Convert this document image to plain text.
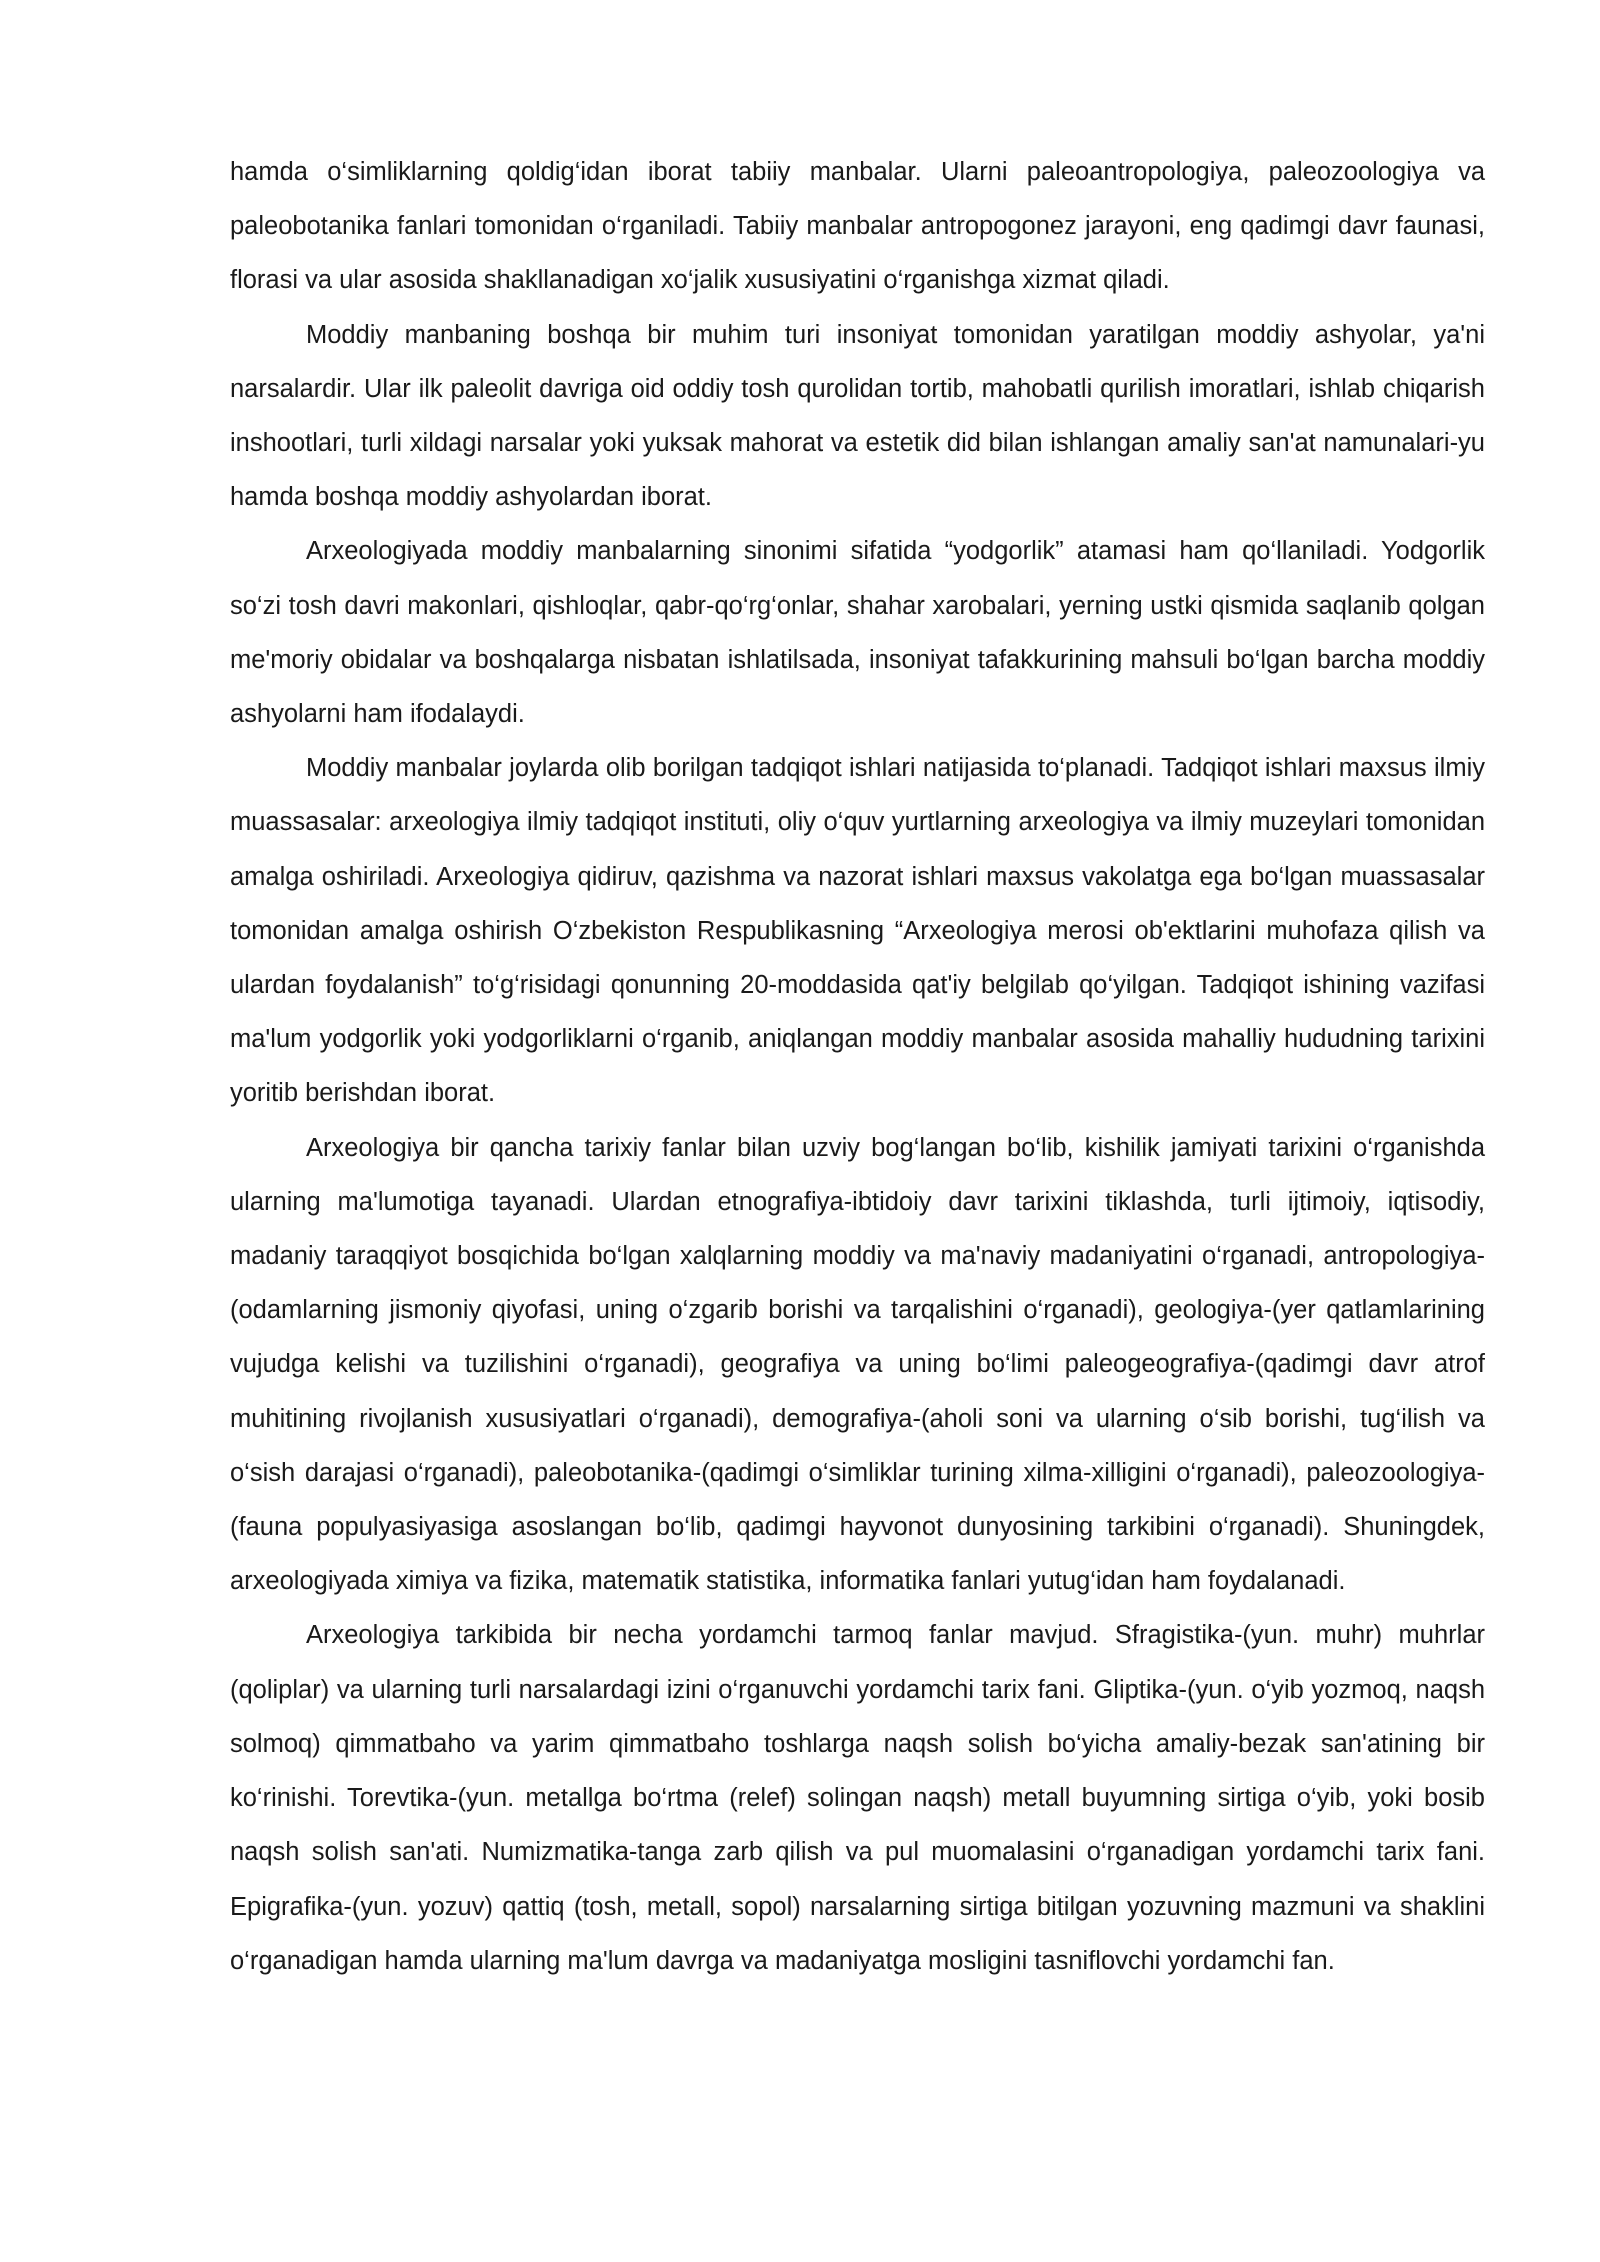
hamda o‘simliklarning qoldig‘idan iborat tabiiy manbalar. Ularni paleoantropologiya, paleozoologiya va paleobotanika fanlari tomonidan o‘rganiladi. Tabiiy manbalar antropogonez jarayoni, eng qadimgi davr faunasi, florasi va ular asosida shakllanadigan xo‘jalik xususiyatini o‘rganishga xizmat qiladi.

Moddiy manbaning boshqa bir muhim turi insoniyat tomonidan yaratilgan moddiy ashyolar, ya'ni narsalardir. Ular ilk paleolit davriga oid oddiy tosh qurolidan tortib, mahobatli qurilish imoratlari, ishlab chiqarish inshootlari, turli xildagi narsalar yoki yuksak mahorat va estetik did bilan ishlangan amaliy san'at namunalari-yu hamda boshqa moddiy ashyolardan iborat.

Arxeologiyada moddiy manbalarning sinonimi sifatida “yodgorlik” atamasi ham qo‘llaniladi. Yodgorlik so‘zi tosh davri makonlari, qishloqlar, qabr-qo‘rg‘onlar, shahar xarobalari, yerning ustki qismida saqlanib qolgan me'moriy obidalar va boshqalarga nisbatan ishlatilsada, insoniyat tafakkurining mahsuli bo‘lgan barcha moddiy ashyolarni ham ifodalaydi.

Moddiy manbalar joylarda olib borilgan tadqiqot ishlari natijasida to‘planadi. Tadqiqot ishlari maxsus ilmiy muassasalar: arxeologiya ilmiy tadqiqot instituti, oliy o‘quv yurtlarning arxeologiya va ilmiy muzeylari tomonidan amalga oshiriladi. Arxeologiya qidiruv, qazishma va nazorat ishlari maxsus vakolatga ega bo‘lgan muassasalar tomonidan amalga oshirish O‘zbekiston Respublikasning “Arxeologiya merosi ob'ektlarini muhofaza qilish va ulardan foydalanish” to‘g‘risidagi qonunning 20-moddasida qat'iy belgilab qo‘yilgan. Tadqiqot ishining vazifasi ma'lum yodgorlik yoki yodgorliklarni o‘rganib, aniqlangan moddiy manbalar asosida mahalliy hududning tarixini yoritib berishdan iborat.

Arxeologiya bir qancha tarixiy fanlar bilan uzviy bog‘langan bo‘lib, kishilik jamiyati tarixini o‘rganishda ularning ma'lumotiga tayanadi. Ulardan etnografiya-ibtidoiy davr tarixini tiklashda, turli ijtimoiy, iqtisodiy, madaniy taraqqiyot bosqichida bo‘lgan xalqlarning moddiy va ma'naviy madaniyatini o‘rganadi, antropologiya-(odamlarning jismoniy qiyofasi, uning o‘zgarib borishi va tarqalishini o‘rganadi), geologiya-(yer qatlamlarining vujudga kelishi va tuzilishini o‘rganadi), geografiya va uning bo‘limi paleogeografiya-(qadimgi davr atrof muhitining rivojlanish xususiyatlari o‘rganadi), demografiya-(aholi soni va ularning o‘sib borishi, tug‘ilish va o‘sish darajasi o‘rganadi), paleobotanika-(qadimgi o‘simliklar turining xilma-xilligini o‘rganadi), paleozoologiya-(fauna populyasiyasiga asoslangan bo‘lib, qadimgi hayvonot dunyosining tarkibini o‘rganadi). Shuningdek, arxeologiyada ximiya va fizika, matematik statistika, informatika fanlari yutug‘idan ham foydalanadi.

Arxeologiya tarkibida bir necha yordamchi tarmoq fanlar mavjud. Sfragistika-(yun. muhr) muhrlar (qoliplar) va ularning turli narsalardagi izini o‘rganuvchi yordamchi tarix fani. Gliptika-(yun. o‘yib yozmoq, naqsh solmoq) qimmatbaho va yarim qimmatbaho toshlarga naqsh solish bo‘yicha amaliy-bezak san'atining bir ko‘rinishi. Torevtika-(yun. metallga bo‘rtma (relef) solingan naqsh) metall buyumning sirtiga o‘yib, yoki bosib naqsh solish san'ati. Numizmatika-tanga zarb qilish va pul muomalasini o‘rganadigan yordamchi tarix fani. Epigrafika-(yun. yozuv) qattiq (tosh, metall, sopol) narsalarning sirtiga bitilgan yozuvning mazmuni va shaklini o‘rganadigan hamda ularning ma'lum davrga va madaniyatga mosligini tasniflovchi yordamchi fan.
